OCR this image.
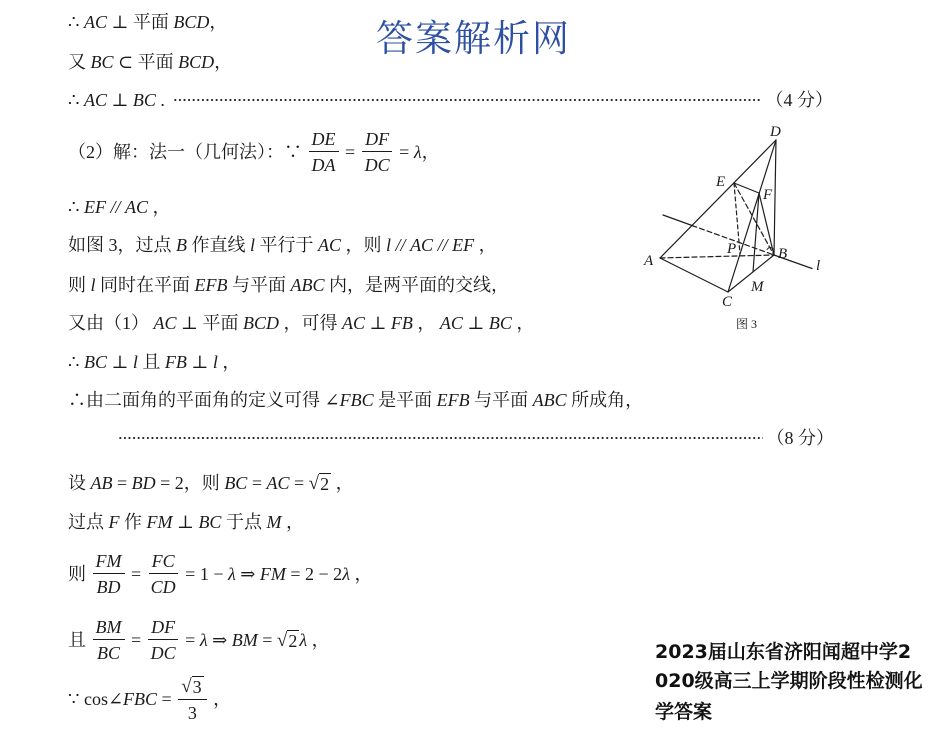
答案解析网
∴ AC ⊥ 平面 BCD ，
又 BC ⊂ 平面 BCD ，
∴ AC ⊥ BC .	（4 分）
（2）解：法一（几何法）：∵ $\frac{DE}{DA} = \frac{DF}{DC} = \lambda$ ，
∴ EF // AC ，
如图 3，过点 B 作直线 l 平行于 AC ，则 l // AC // EF ，
则 l 同时在平面 EFB 与平面 ABC 内，是两平面的交线，
又由（1） AC ⊥ 平面 BCD ，可得 AC ⊥ FB ， AC ⊥ BC ，
∴ BC ⊥ l 且 FB ⊥ l ，
∴由二面角的平面角的定义可得 ∠ FBC 是平面 EFB 与平面 ABC 所成角，
（8 分）
设 AB = BD = 2，则 BC = AC = √ 2 ，
过点 F 作 FM ⊥ BC 于点 M ，
则 $\frac{FM}{BD} = \frac{FC}{CD} = 1 - \lambda$ ⇒ FM = 2 − 2 λ ，
且 $\frac{BM}{BC} = \frac{DF}{DC} = \lambda$ ⇒ BM = √ 2 λ ，
∵ cos∠ FBC = $\frac{√ 3}{3}$ ，
D
E
F
P	B
A
C
M
l
图 3
2023届山东省济阳闻超中学2
020级高三上学期阶段性检测化
学答案
